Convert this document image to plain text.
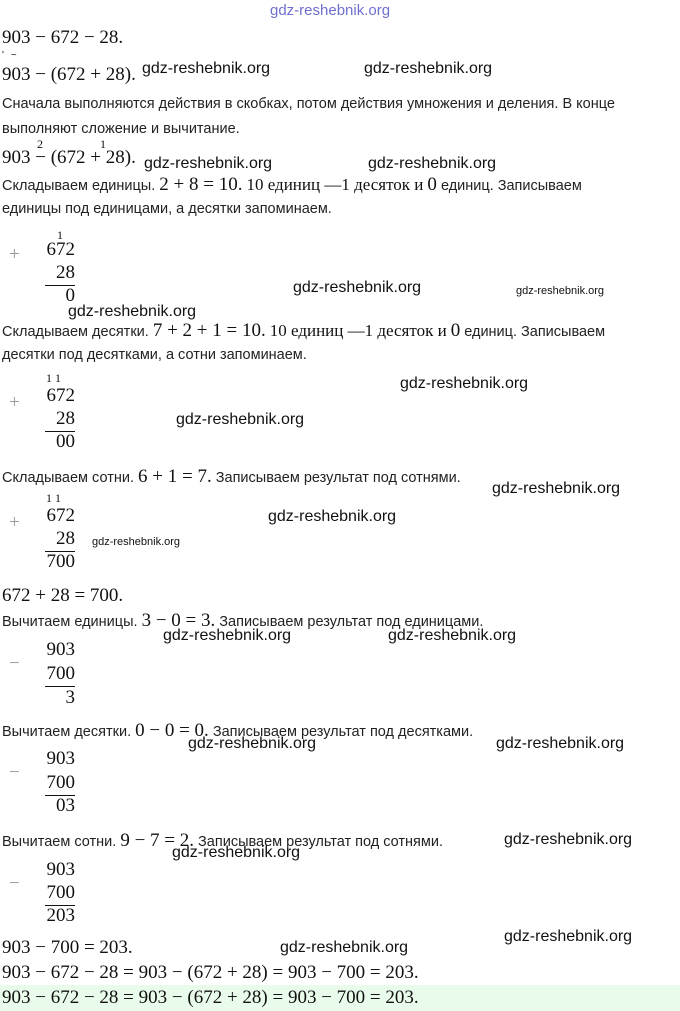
gdz-reshebnik.org
903 − 672 − 28.
' ~
903 − (672 + 28). gdz-reshebnik.org	gdz-reshebnik.org
Сначала выполняются действия в скобках, потом действия умножения и деления. В конце выполняют сложение и вычитание.
903 − (672 + 28).
2	1
gdz-reshebnik.org	gdz-reshebnik.org
Складываем единицы. 2 + 8 = 10. 10 единиц —1 десяток и 0 единиц. Записываем
единицы под единицами, а десятки запоминаем.
+
1
672
28
0	gdz-reshebnik.org	gdz-reshebnik.org
gdz-reshebnik.org
Складываем десятки. 7 + 2 + 1 = 10. 10 единиц —1 десяток и 0 единиц. Записываем
десятки под десятками, а сотни запоминаем.
+
1 1
672
28
00
gdz-reshebnik.org
gdz-reshebnik.org
Складываем сотни. 6 + 1 = 7. Записываем результат под сотнями.
gdz-reshebnik.org
+
1 1
672
28
700
gdz-reshebnik.org
gdz-reshebnik.org
672 + 28 = 700.
Вычитаем единицы. 3 − 0 = 3. Записываем результат под единицами.
gdz-reshebnik.org	gdz-reshebnik.org
−
903
700
3
Вычитаем десятки. 0 − 0 = 0. Записываем результат под десятками.
gdz-reshebnik.org	gdz-reshebnik.org
−
903
700
03
Вычитаем сотни. 9 − 7 = 2. Записываем результат под сотнями.	gdz-reshebnik.org
gdz-reshebnik.org
−
903
700
203
903 − 700 = 203.	gdz-reshebnik.org
gdz-reshebnik.org
903 − 672 − 28 = 903 − (672 + 28) = 903 − 700 = 203.
903 − 672 − 28 = 903 − (672 + 28) = 903 − 700 = 203.
